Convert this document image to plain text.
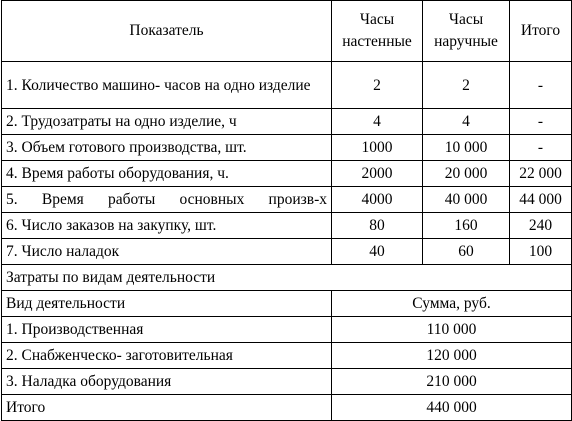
Показатель	Часы настенные	Часы наручные	Итого

1. Количество машино- часов на одно изделие	2	2	-
2. Трудозатраты на одно изделие, ч	4	4	-
3. Объем готового производства, шт.	1000	10 000	-
4. Время работы оборудования, ч.	2000	20 000	22 000
5. Время работы основных произв-х	4000	40 000	44 000
6. Число заказов на закупку, шт.	80	160	240
7. Число наладок	40	60	100
Затраты по видам деятельности			
Вид деятельности	Сумма, руб.		
1. Производственная	110 000		
2. Снабженческо- заготовительная	120 000		
3. Наладка оборудования	210 000		
Итого	440 000		
